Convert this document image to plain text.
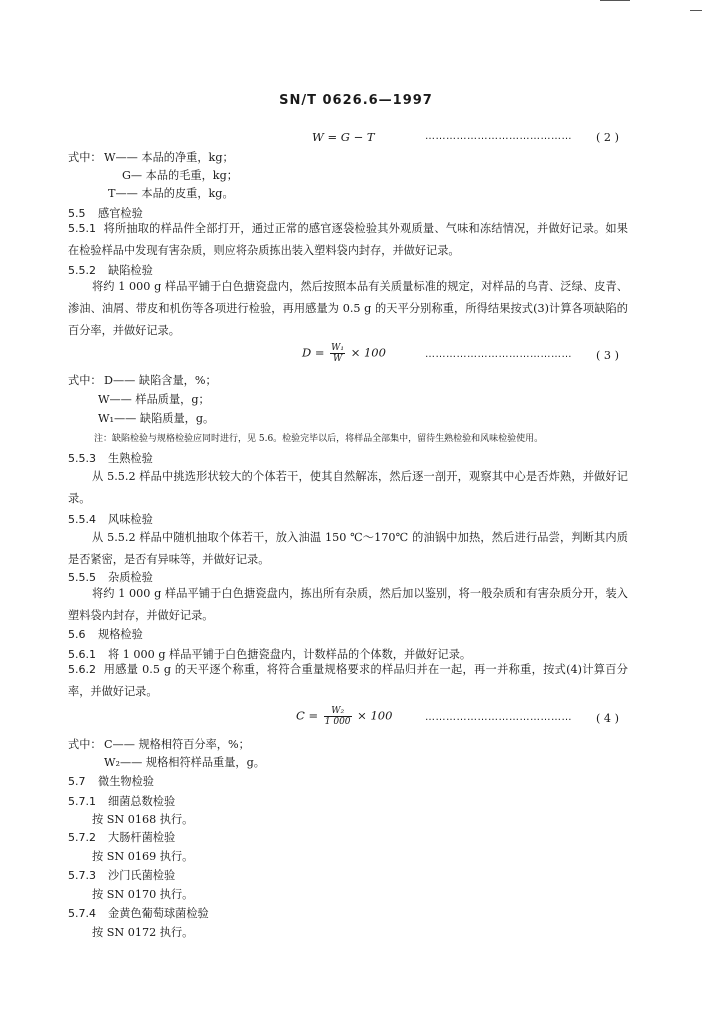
SN/T 0626.6—1997
W = G − T	…………………………………… ( 2 )
式中： W—— 本品的净重，kg；
G— 本品的毛重，kg；
T—— 本品的皮重，kg。
5.5 感官检验
5.5.1 将所抽取的样品件全部打开，通过正常的感官逐袋检验其外观质量、气味和冻结情况，并做好记录。如果在检验样品中发现有害杂质，则应将杂质拣出装入塑料袋内封存，并做好记录。
5.5.2 缺陷检验
将约 1 000 g 样品平铺于白色搪瓷盘内，然后按照本品有关质量标准的规定，对样品的乌青、泛绿、皮青、渗油、油屑、带皮和机伤等各项进行检验，再用感量为 0.5 g 的天平分别称重，所得结果按式(3)计算各项缺陷的百分率，并做好记录。
$D = \frac{\text{W₁}}{W} \times 100$	…………………………………… ( 3 )
式中： D—— 缺陷含量，%；
W—— 样品质量，g；
W₁—— 缺陷质量，g。
注：缺陷检验与规格检验应同时进行，见 5.6。检验完毕以后，将样品全部集中，留待生熟检验和风味检验使用。
5.5.3 生熟检验
从 5.5.2 样品中挑选形状较大的个体若干，使其自然解冻，然后逐一剖开，观察其中心是否炸熟，并做好记录。
5.5.4 风味检验
从 5.5.2 样品中随机抽取个体若干，放入油温 150 ℃～170℃ 的油锅中加热，然后进行品尝，判断其内质是否紧密，是否有异味等，并做好记录。
5.5.5 杂质检验
将约 1 000 g 样品平铺于白色搪瓷盘内，拣出所有杂质，然后加以鉴别，将一般杂质和有害杂质分开，装入塑料袋内封存，并做好记录。
5.6 规格检验
5.6.1 将 1 000 g 样品平铺于白色搪瓷盘内，计数样品的个体数，并做好记录。
5.6.2 用感量 0.5 g 的天平逐个称重，将符合重量规格要求的样品归并在一起，再一并称重，按式(4)计算百分率，并做好记录。
$C = \frac{\text{W₂}}{1 000} \times 100$	…………………………………… ( 4 )
式中： C—— 规格相符百分率，%；
W₂—— 规格相符样品重量，g。
5.7 微生物检验
5.7.1 细菌总数检验
按 SN 0168 执行。
5.7.2 大肠杆菌检验
按 SN 0169 执行。
5.7.3 沙门氏菌检验
按 SN 0170 执行。
5.7.4 金黄色葡萄球菌检验
按 SN 0172 执行。
